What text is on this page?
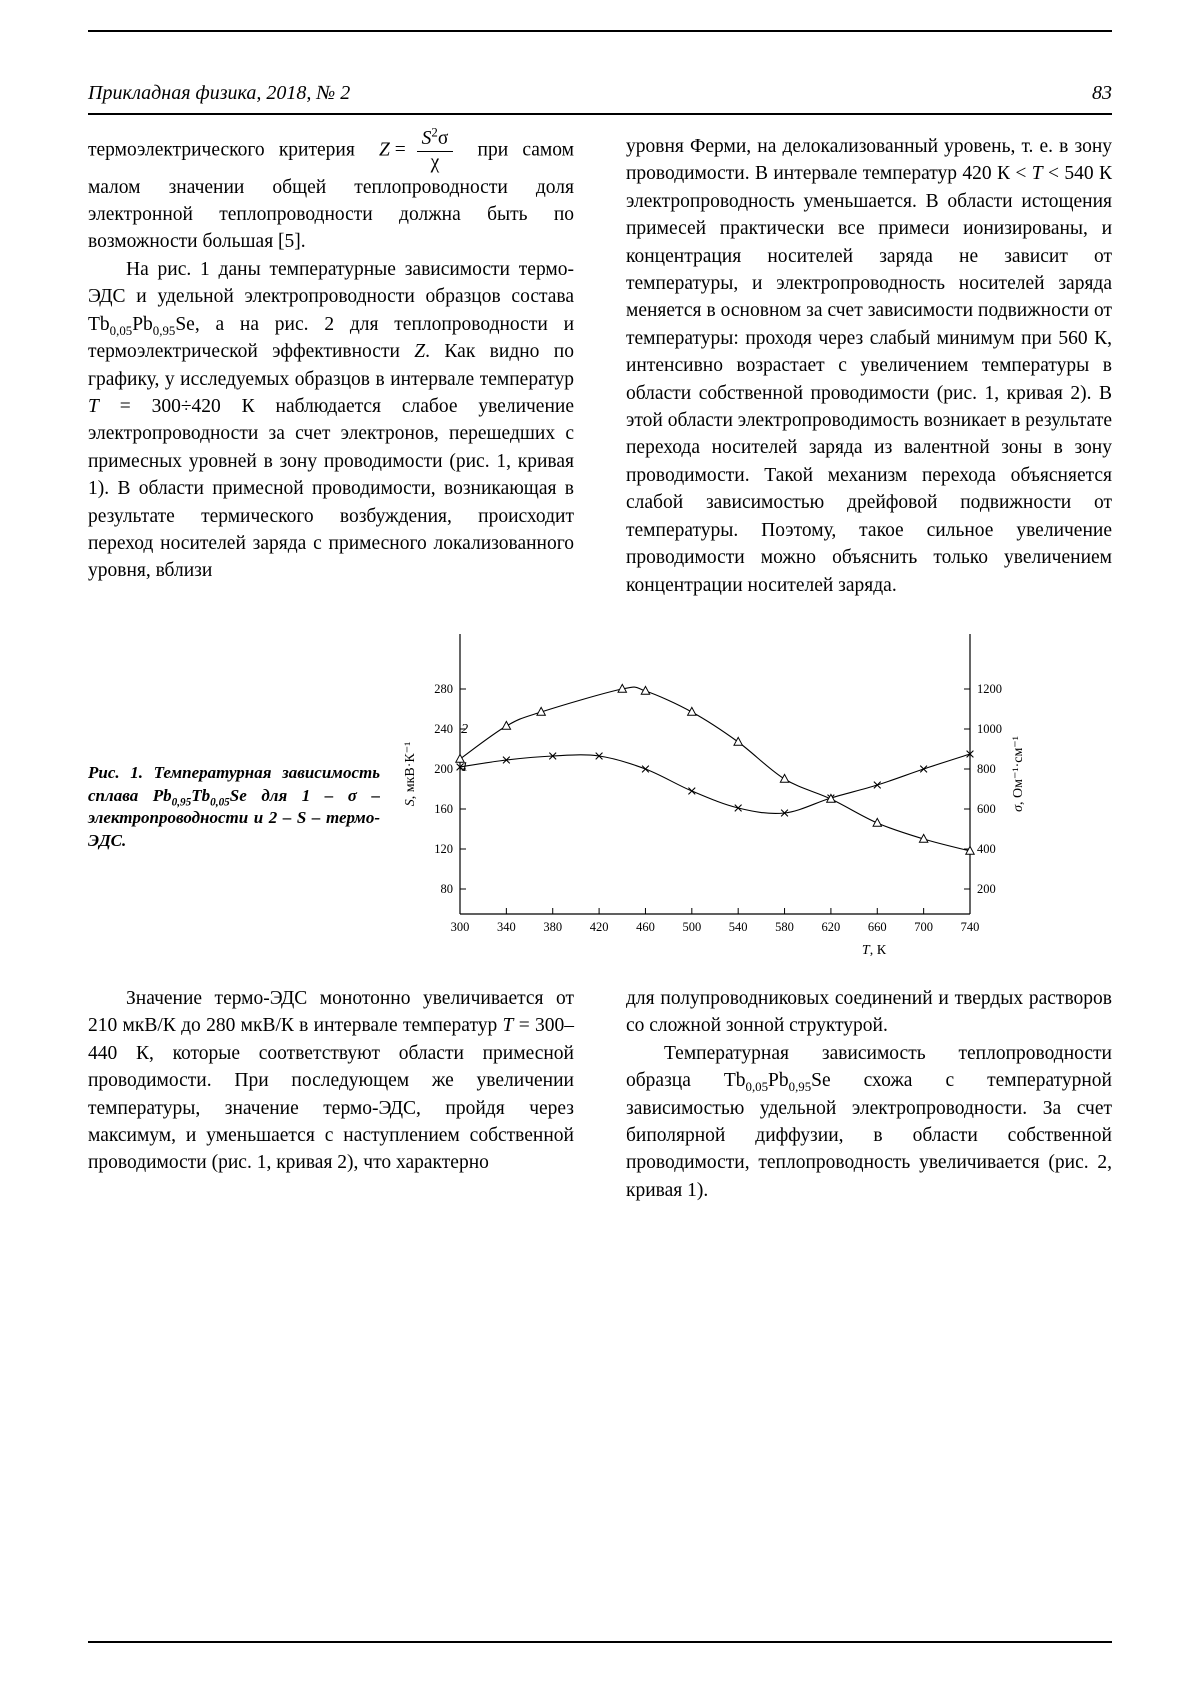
Прикладная физика, 2018, № 2	83

термоэлектрического критерия $Z = \frac{S^2\sigma}{\chi}$ при самом малом значении общей теплопроводности доля электронной теплопроводности должна быть по возможности большая [5].

На рис. 1 даны температурные зависимости термо-ЭДС и удельной электропроводности образцов состава $Tb_{0,05}Pb_{0,95}Se$, а на рис. 2 для теплопроводности и термоэлектрической эффективности Z. Как видно по графику, у исследуемых образцов в интервале температур T = 300÷420 К наблюдается слабое увеличение электропроводности за счет электронов, перешедших с примесных уровней в зону проводимости (рис. 1, кривая 1). В области примесной проводимости, возникающая в результате термического возбуждения, происходит переход носителей заряда с примесного локализованного уровня, вблизи

уровня Ферми, на делокализованный уровень, т. е. в зону проводимости. В интервале температур 420 К < T < 540 К электропроводность уменьшается. В области истощения примесей практически все примеси ионизированы, и концентрация носителей заряда не зависит от температуры, и электропроводность носителей заряда меняется в основном за счет зависимости подвижности от температуры: проходя через слабый минимум при 560 К, интенсивно возрастает с увеличением температуры в области собственной проводимости (рис. 1, кривая 2). В этой области электропроводимость возникает в результате перехода носителей заряда из валентной зоны в зону проводимости. Такой механизм перехода объясняется слабой зависимостью дрейфовой подвижности от температуры. Поэтому, такое сильное увеличение проводимости можно объяснить только увеличением концентрации носителей заряда.

Рис. 1. Температурная зависимость сплава $Pb_{0,95}Tb_{0,05}Se$ для 1 – σ – электропроводности и 2 – S – термо-ЭДС.
300 340 380 420 460 500 540 580 620 660 700 740
80
120
160
200
240
280
200
400
600
800
1000
1200
S, мкВ·К⁻¹
σ, Ом⁻¹·см⁻¹
T, К
2
1

Значение термо-ЭДС монотонно увеличивается от 210 мкВ/К до 280 мкВ/К в интервале температур T = 300–440 К, которые соответствуют области примесной проводимости. При последующем же увеличении температуры, значение термо-ЭДС, пройдя через максимум, и уменьшается с наступлением собственной проводимости (рис. 1, кривая 2), что характерно

для полупроводниковых соединений и твердых растворов со сложной зонной структурой.

Температурная зависимость теплопроводности образца $Tb_{0,05}Pb_{0,95}Se$ схожа с температурной зависимостью удельной электропроводности. За счет биполярной диффузии, в области собственной проводимости, теплопроводность увеличивается (рис. 2, кривая 1).
